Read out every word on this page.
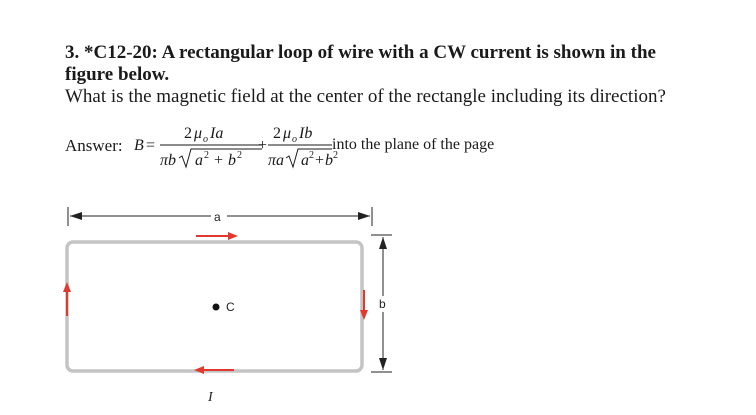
3. *C12-20: A rectangular loop of wire with a CW current is shown in the
figure below.
What is the magnetic field at the center of the rectangle including its direction?
Answer: B =
2 μ o Ia
πb a 2 + b 2
+
2 μ o Ib
πa a 2 + b 2
into the plane of the page
a
b
C
I
